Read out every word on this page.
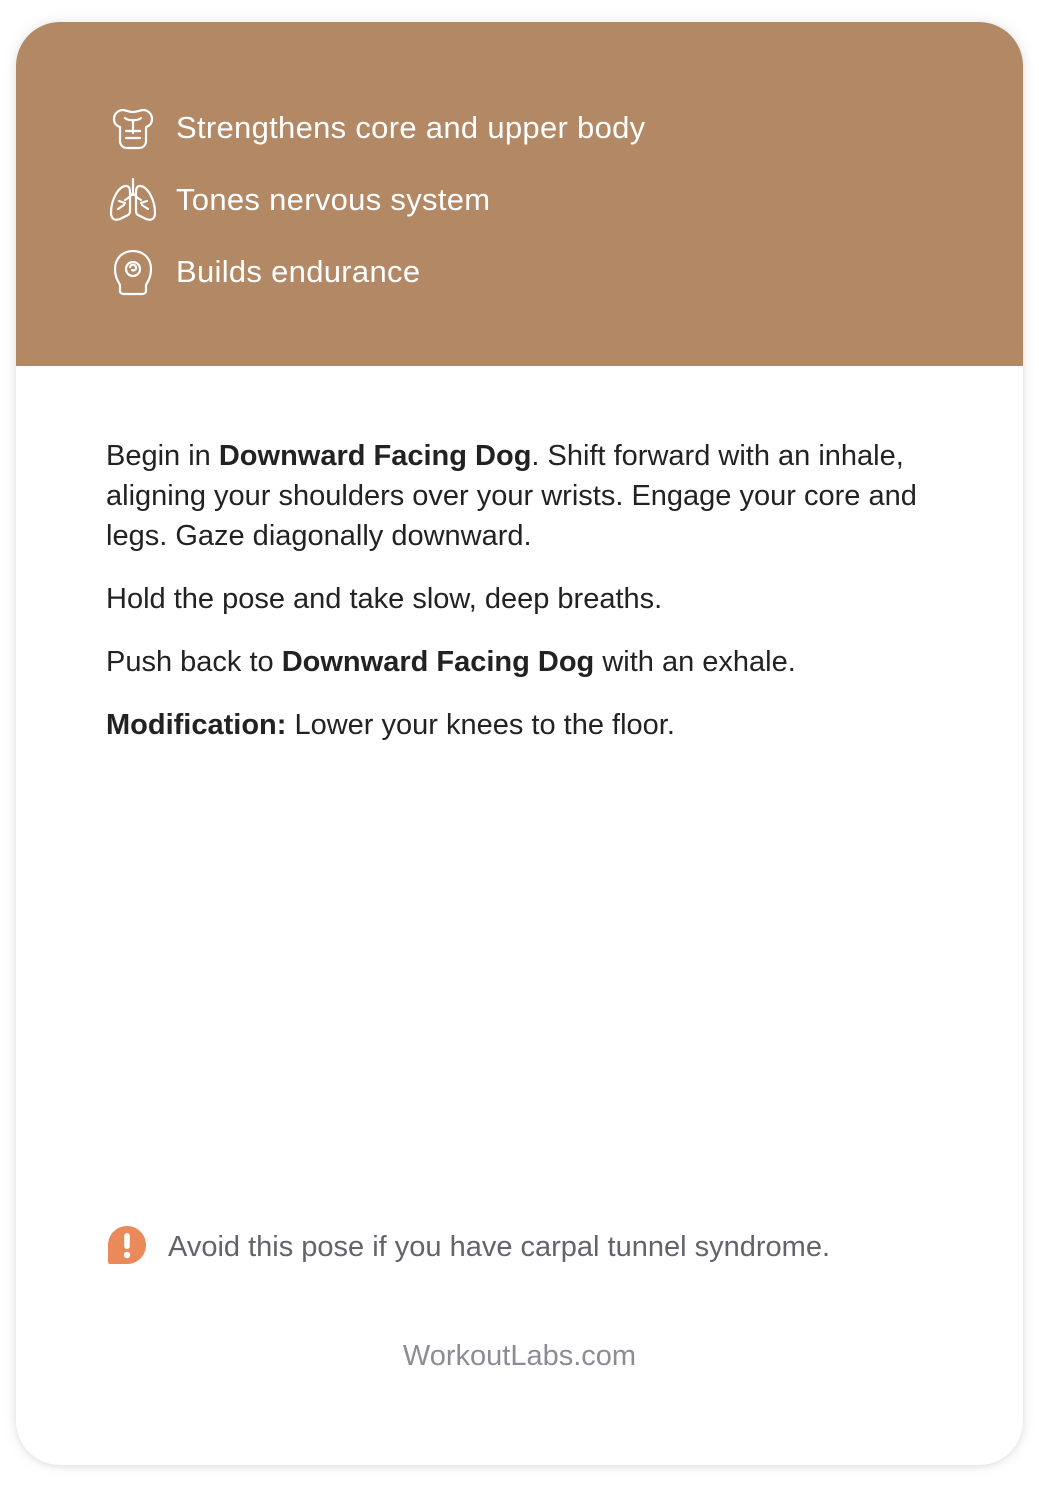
Strengthens core and upper body
Tones nervous system
Builds endurance

Begin in Downward Facing Dog. Shift forward with an inhale, aligning your shoulders over your wrists. Engage your core and legs. Gaze diagonally downward.

Hold the pose and take slow, deep breaths.

Push back to Downward Facing Dog with an exhale.

Modification: Lower your knees to the floor.

Avoid this pose if you have carpal tunnel syndrome.
WorkoutLabs.com
